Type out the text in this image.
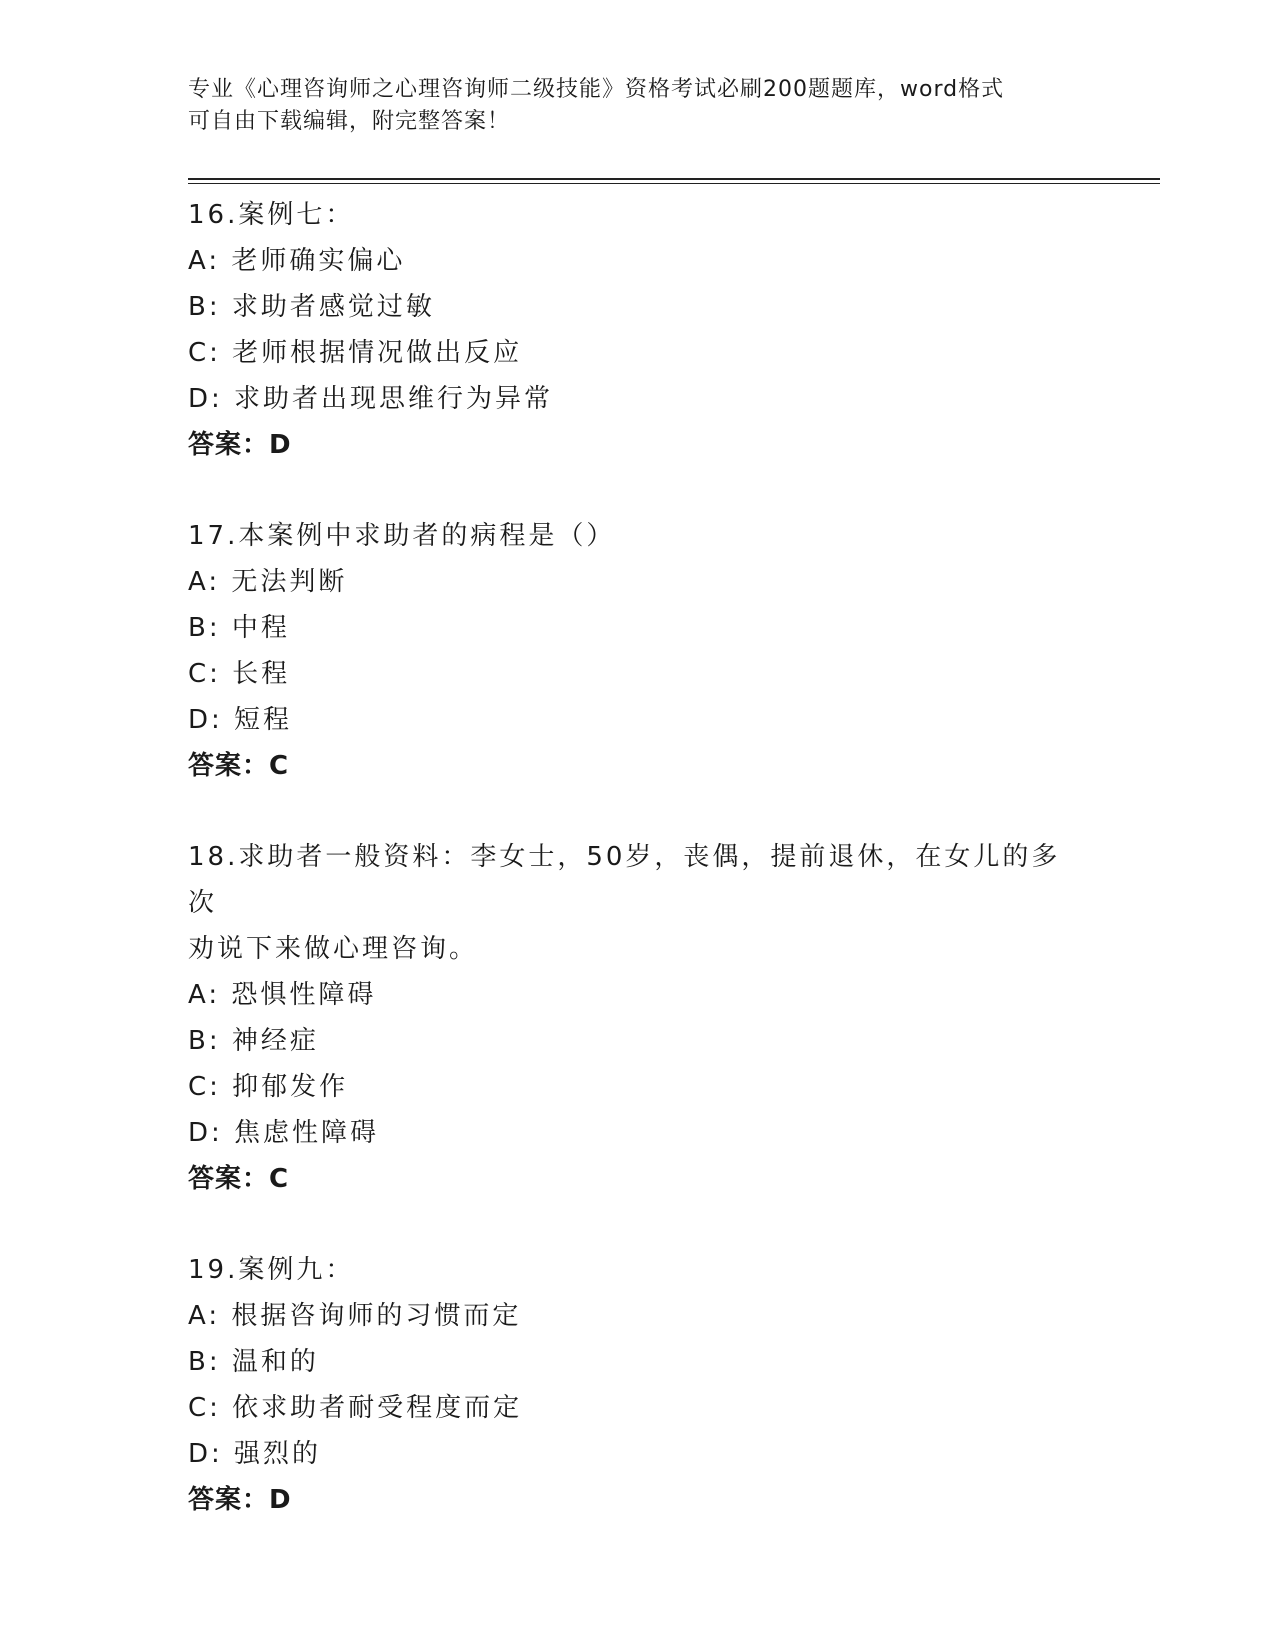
专业《心理咨询师之心理咨询师二级技能》资格考试必刷200题题库，word格式
可自由下载编辑，附完整答案！
16.案例七：
A: 老师确实偏心
B: 求助者感觉过敏
C: 老师根据情况做出反应
D: 求助者出现思维行为异常
答案：D
17.本案例中求助者的病程是（）
A: 无法判断
B: 中程
C: 长程
D: 短程
答案：C
18.求助者一般资料：李女士，50岁，丧偶，提前退休，在女儿的多次
劝说下来做心理咨询。
A: 恐惧性障碍
B: 神经症
C: 抑郁发作
D: 焦虑性障碍
答案：C
19.案例九：
A: 根据咨询师的习惯而定
B: 温和的
C: 依求助者耐受程度而定
D: 强烈的
答案：D
